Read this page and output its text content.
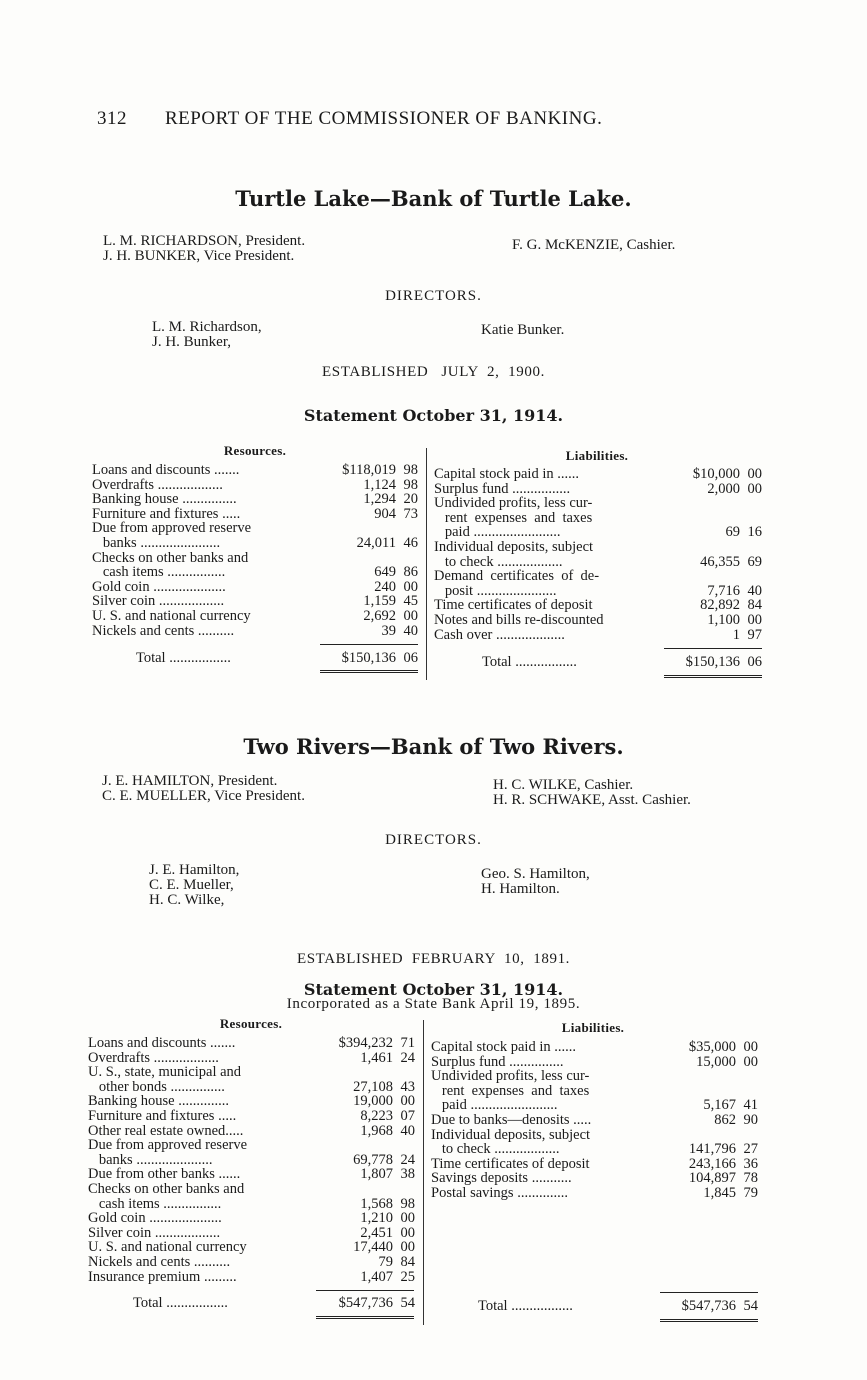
312 REPORT OF THE COMMISSIONER OF BANKING.
Turtle Lake—Bank of Turtle Lake.
L. M. RICHARDSON, President.
J. H. BUNKER, Vice President.
F. G. McKENZIE, Cashier.
DIRECTORS.
L. M. Richardson,
J. H. Bunker,
Katie Bunker.
ESTABLISHED   JULY  2,  1900.
Statement October 31, 1914.
Resources.	Liabilities.
Loans and discounts .......	$118,019 98
Overdrafts ..................	1,124 98
Banking house ...............	1,294 20
Furniture and fixtures .....	904 73
Due from approved reserve
banks ......................	24,011 46
Checks on other banks and
cash items ................	649 86
Gold coin ....................	240 00
Silver coin ..................	1,159 45
U. S. and national currency	2,692 00
Nickels and cents ..........	39 40
Capital stock paid in ......	$10,000 00
Surplus fund ................	2,000 00
Undivided profits, less cur-
rent  expenses  and  taxes
paid ........................	69 16
Individual deposits, subject
to check ..................	46,355 69
Demand  certificates  of  de-
posit ......................	7,716 40
Time certificates of deposit	82,892 84
Notes and bills re-discounted	1,100 00
Cash over ...................	1 97
Total .................	$150,136 06	Total .................	$150,136 06
Two Rivers—Bank of Two Rivers.
J. E. HAMILTON, President.
C. E. MUELLER, Vice President.
H. C. WILKE, Cashier.
H. R. SCHWAKE, Asst. Cashier.
DIRECTORS.
J. E. Hamilton,
C. E. Mueller,
H. C. Wilke,
Geo. S. Hamilton,
H. Hamilton.

ESTABLISHED  FEBRUARY  10,  1891.

Incorporated as a State Bank April 19, 1895.

Statement October 31, 1914.
Resources.	Liabilities.
Loans and discounts .......	$394,232 71
Overdrafts ..................	1,461 24
U. S., state, municipal and
other bonds ...............	27,108 43
Banking house ..............	19,000 00
Furniture and fixtures .....	8,223 07
Other real estate owned.....	1,968 40
Due from approved reserve
banks .....................	69,778 24
Due from other banks ......	1,807 38
Checks on other banks and
cash items ................	1,568 98
Gold coin ....................	1,210 00
Silver coin ..................	2,451 00
U. S. and national currency	17,440 00
Nickels and cents ..........	79 84
Insurance premium .........	1,407 25
Capital stock paid in ......	$35,000 00
Surplus fund ...............	15,000 00
Undivided profits, less cur-
rent  expenses  and  taxes
paid ........................	5,167 41
Due to banks—denosits .....	862 90
Individual deposits, subject
to check ..................	141,796 27
Time certificates of deposit	243,166 36
Savings deposits ...........	104,897 78
Postal savings ..............	1,845 79
Total .................	$547,736 54	Total .................	$547,736 54
